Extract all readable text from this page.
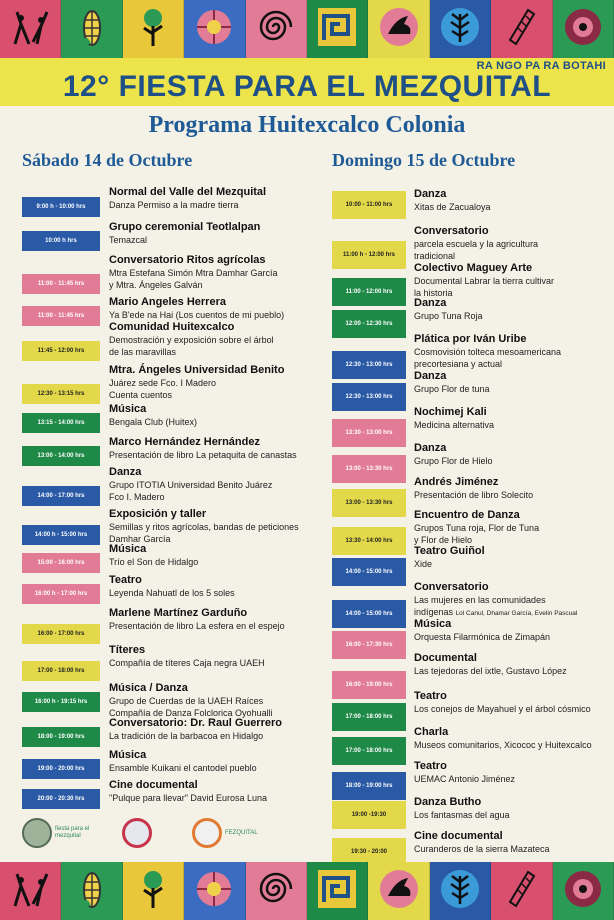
RA NGO PA RA BOTAHI
12° FIESTA PARA EL MEZQUITAL
Programa Huitexcalco Colonia
Sábado 14 de Octubre	Domingo 15 de Octubre
9:00 h - 10:00 hrs
Normal del Valle del Mezquital
Danza Permiso a la madre tierra
10:00 h hrs
Grupo ceremonial Teotlalpan
Temazcal
11:00 - 11:45 hrs
Conversatorio Ritos agrícolas
Mtra Estefana Simón Mtra Damhar García
y Mtra. Ángeles Galván
11:00 - 11:45 hrs
Mario Angeles Herrera
Ya B'ede na Hai (Los cuentos de mi pueblo)
11:45 - 12:00 hrs
Comunidad Huitexcalco
Demostración y exposición sobre el árbol
de las maravillas
12:30 - 13:15 hrs
Mtra. Ángeles Universidad Benito
Juárez sede Fco. I Madero
Cuenta cuentos
13:15 - 14:00 hrs
Música
Bengala Club (Huitex)
13:00 - 14:00 hrs
Marco Hernández Hernández
Presentación de libro La petaquita de canastas
14:00 - 17:00 hrs
Danza
Grupo ITOTIA Universidad Benito Juárez
Fco I. Madero
14:00 h - 15:00 hrs
Exposición y taller
Semillas y ritos agrícolas, bandas de peticiones
Damhar García
15:00 - 16:00 hrs
Música
Trío el Son de Hidalgo
16:00 h - 17:00 hrs
Teatro
Leyenda Nahuatl de los 5 soles
16:00 - 17:00 hrs
Marlene Martínez Garduño
Presentación de libro La esfera en el espejo
17:00 - 18:00 hrs
Títeres
Compañía de títeres Caja negra UAEH
16:00 h - 19:15 hrs
Música / Danza
Grupo de Cuerdas de la UAEH Raíces
Compañía de Danza Folclorica Oyohualli
18:00 - 19:00 hrs
Conversatorio: Dr. Raul Guerrero
La tradición de la barbacoa en Hidalgo
19:00 - 20:00 hrs
Música
Ensamble Kuikani el cantodel pueblo
20:00 - 20:30 hrs
Cine documental
"Pulque para llevar" David Eurosa Luna
10:00 - 11:00 hrs
Danza
Xitas de Zacualoya
11:00 h - 12:00 hrs
Conversatorio
parcela escuela y la agricultura
tradicional
11:00 - 12:00 hrs
Colectivo Maguey Arte
Documental Labrar la tierra cultivar
la historia
12:00 - 12:30 hrs
Danza
Grupo Tuna Roja
12:30 - 13:00 hrs
Plática por Iván Uribe
Cosmovisión tolteca mesoamericana
precortesiana y actual
12:30 - 13:00 hrs
Danza
Grupo Flor de tuna
13:30 - 13:00 hrs
Nochimej Kali
Medicina alternativa
13:00 - 13:30 hrs
Danza
Grupo Flor de Hielo
13:00 - 13:30 hrs
Andrés Jiménez
Presentación de libro Solecito
13:30 - 14:00 hrs
Encuentro de Danza
Grupos Tuna roja, Flor de Tuna
y Flor de Hielo
14:00 - 15:00 hrs
Teatro Guiñol
Xide
14:00 - 15:00 hrs
Conversatorio
Las mujeres en las comunidades
indígenas Lol Canul, Dhamar García, Evelin Pascual
16:00 - 17:30 hrs
Música
Orquesta Filarmónica de Zimapán
16:00 - 19:00 hrs
Documental
Las tejedoras del ixtle, Gustavo López
17:00 - 18:00 hrs
Teatro
Los conejos de Mayahuel y el árbol cósmico
17:00 - 18:00 hrs
Charla
Museos comunitarios, Xicococ y Huitexcalco
18:00 - 19:00 hrs
Teatro
UEMAC Antonio Jiménez
19:00 -19:30
Danza Butho
Los fantasmas del agua
19:30 - 20:00
Cine documental
Curanderos de la sierra Mazateca
fiesta para el mezquital
FEZQUITAL
